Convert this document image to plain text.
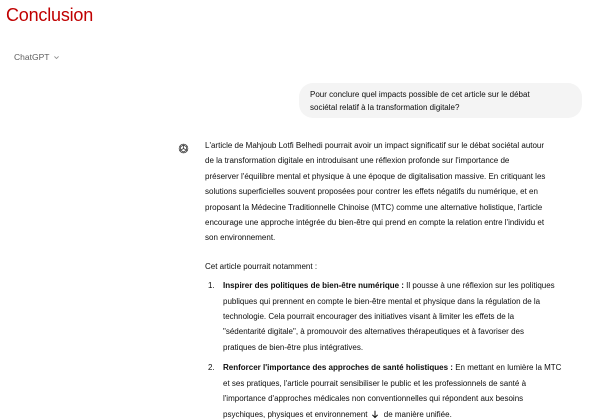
Conclusion
ChatGPT
Pour conclure quel impacts possible de cet article sur le débat
sociétal relatif à la transformation digitale?
L'article de Mahjoub Lotfi Belhedi pourrait avoir un impact significatif sur le débat sociétal autour
de la transformation digitale en introduisant une réflexion profonde sur l'importance de
préserver l'équilibre mental et physique à une époque de digitalisation massive. En critiquant les
solutions superficielles souvent proposées pour contrer les effets négatifs du numérique, et en
proposant la Médecine Traditionnelle Chinoise (MTC) comme une alternative holistique, l'article
encourage une approche intégrée du bien-être qui prend en compte la relation entre l'individu et
son environnement.
Cet article pourrait notamment :
1.	Inspirer des politiques de bien-être numérique : Il pousse à une réflexion sur les politiques
publiques qui prennent en compte le bien-être mental et physique dans la régulation de la
technologie. Cela pourrait encourager des initiatives visant à limiter les effets de la
"sédentarité digitale", à promouvoir des alternatives thérapeutiques et à favoriser des
pratiques de bien-être plus intégratives.
2.	Renforcer l'importance des approches de santé holistiques : En mettant en lumière la MTC
et ses pratiques, l'article pourrait sensibiliser le public et les professionnels de santé à
l'importance d'approches médicales non conventionnelles qui répondent aux besoins
psychiques, physiques et environnement
de manière unifiée.
